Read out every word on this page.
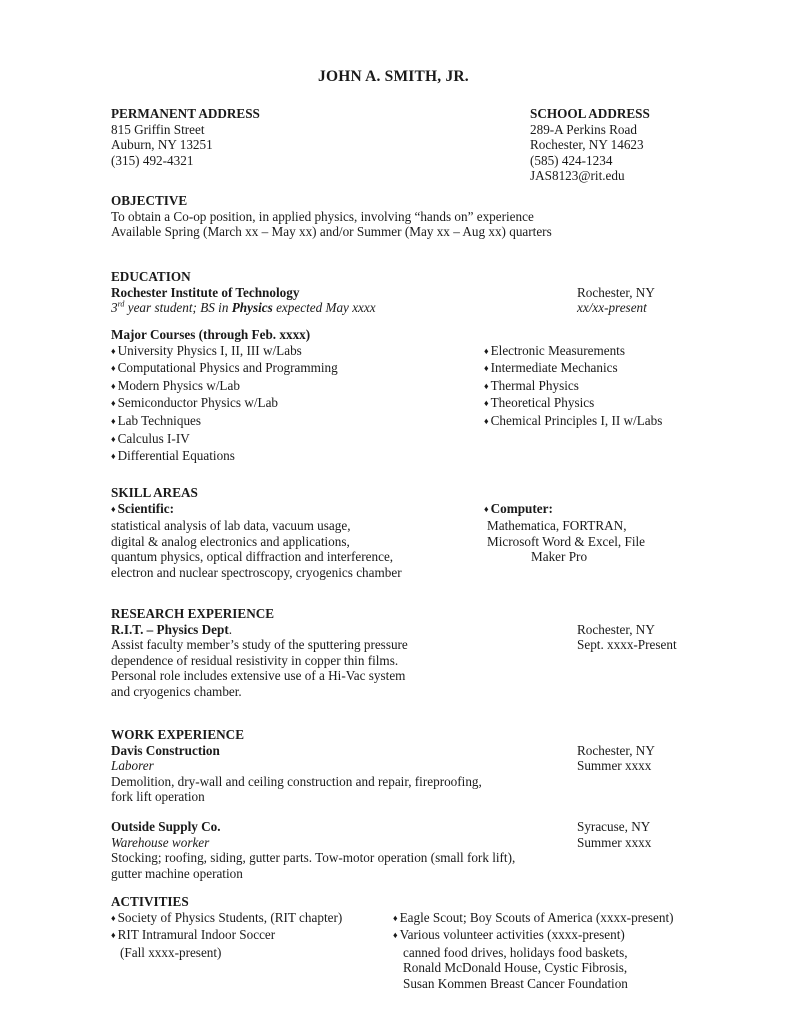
JOHN A. SMITH, JR.
PERMANENT ADDRESS
815 Griffin Street
Auburn, NY 13251
(315) 492-4321
SCHOOL ADDRESS
289-A Perkins Road
Rochester, NY 14623
(585) 424-1234
JAS8123@rit.edu
OBJECTIVE
To obtain a Co-op position, in applied physics, involving “hands on” experience
Available Spring (March xx – May xx) and/or Summer (May xx – Aug xx) quarters
EDUCATION
Rochester Institute of Technology
3rd year student; BS in Physics expected May xxxx
Rochester, NY
xx/xx-present
Major Courses (through Feb. xxxx)
♦ University Physics I, II, III w/Labs
♦ Computational Physics and Programming
♦ Modern Physics w/Lab
♦ Semiconductor Physics w/Lab
♦ Lab Techniques
♦ Calculus I-IV
♦ Differential Equations
♦ Electronic Measurements
♦ Intermediate Mechanics
♦ Thermal Physics
♦ Theoretical Physics
♦ Chemical Principles I, II w/Labs
SKILL AREAS
♦ Scientific:
statistical analysis of lab data, vacuum usage,
digital & analog electronics and applications,
quantum physics, optical diffraction and interference,
electron and nuclear spectroscopy, cryogenics chamber
♦ Computer:
Mathematica, FORTRAN,
Microsoft Word & Excel, File
Maker Pro
RESEARCH EXPERIENCE
R.I.T. – Physics Dept.
Assist faculty member’s study of the sputtering pressure
dependence of residual resistivity in copper thin films.
Personal role includes extensive use of a Hi-Vac system
and cryogenics chamber.
Rochester, NY
Sept. xxxx-Present
WORK EXPERIENCE
Davis Construction
Laborer
Demolition, dry-wall and ceiling construction and repair, fireproofing,
fork lift operation
Rochester, NY
Summer xxxx
Outside Supply Co.
Warehouse worker
Stocking; roofing, siding, gutter parts. Tow-motor operation (small fork lift),
gutter machine operation
Syracuse, NY
Summer xxxx
ACTIVITIES
♦ Society of Physics Students, (RIT chapter)
♦ RIT Intramural Indoor Soccer
(Fall xxxx-present)
♦ Eagle Scout; Boy Scouts of America (xxxx-present)
♦ Various volunteer activities (xxxx-present)
canned food drives, holidays food baskets,
Ronald McDonald House, Cystic Fibrosis,
Susan Kommen Breast Cancer Foundation
